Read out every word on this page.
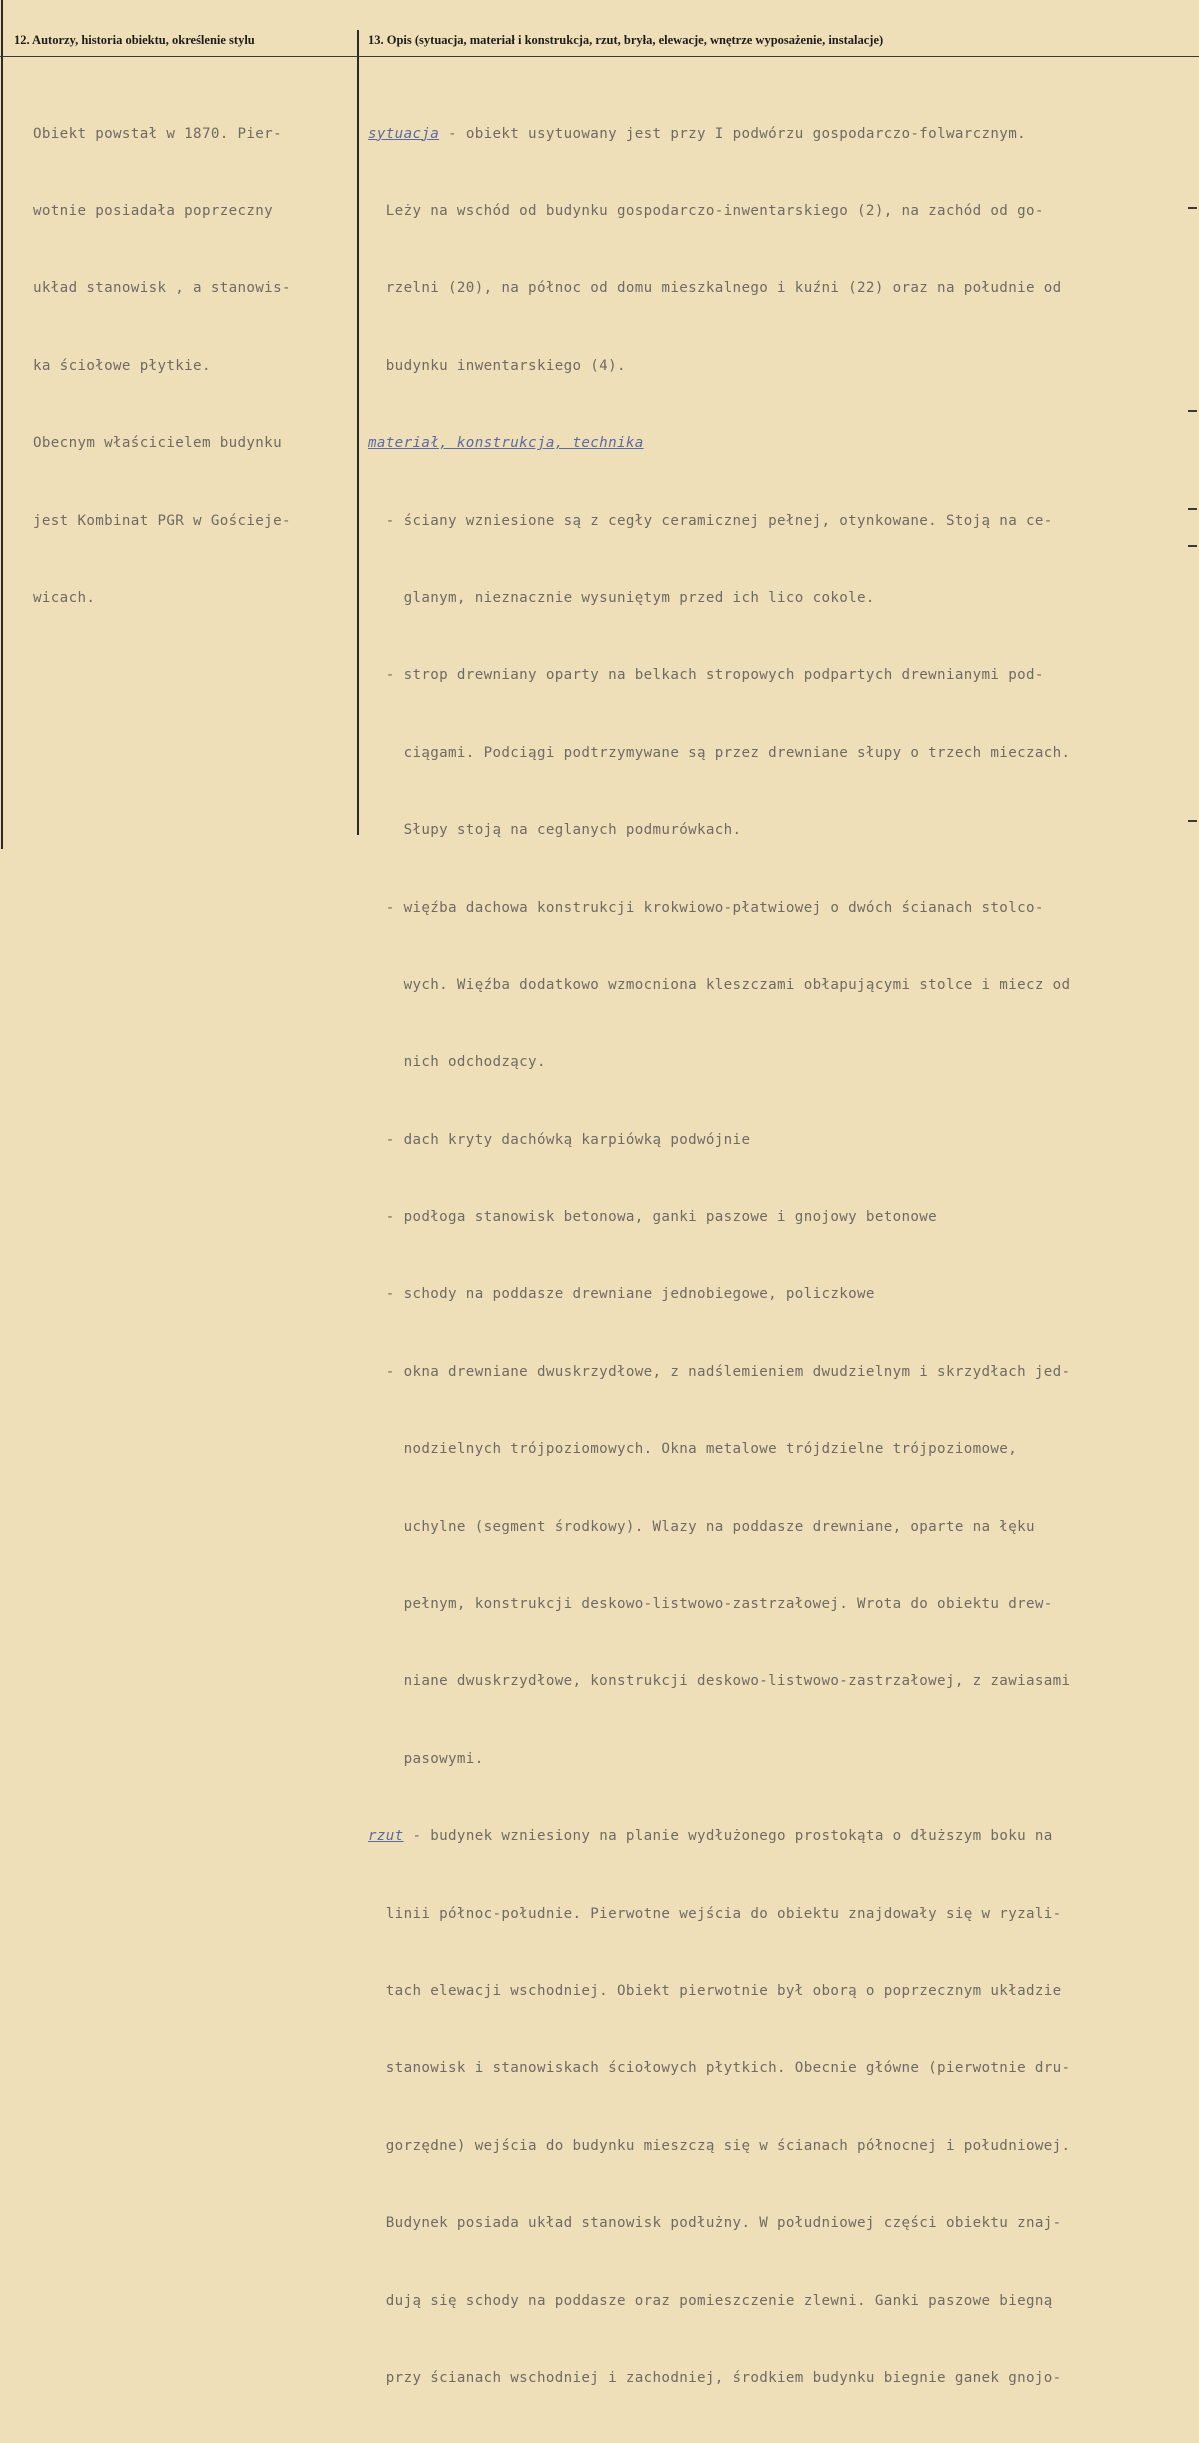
12. Autorzy, historia obiektu, określenie stylu	13. Opis (sytuacja, materiał i konstrukcja, rzut, bryła, elewacje, wnętrze wyposażenie, instalacje)

Obiekt powstał w 1870. Pier-

wotnie posiadała poprzeczny

układ stanowisk , a stanowis-

ka ściołowe płytkie.

Obecnym właścicielem budynku

jest Kombinat PGR w Gościeje-

wicach.

sytuacja - obiekt usytuowany jest przy I podwórzu gospodarczo-folwarcznym.

Leży na wschód od budynku gospodarczo-inwentarskiego (2), na zachód od go-

rzelni (20), na północ od domu mieszkalnego i kuźni (22) oraz na południe od

budynku inwentarskiego (4).

materiał, konstrukcja, technika

- ściany wzniesione są z cegły ceramicznej pełnej, otynkowane. Stoją na ce-

glanym, nieznacznie wysuniętym przed ich lico cokole.

- strop drewniany oparty na belkach stropowych podpartych drewnianymi pod-

ciągami. Podciągi podtrzymywane są przez drewniane słupy o trzech mieczach.

Słupy stoją na ceglanych podmurówkach.

- więźba dachowa konstrukcji krokwiowo-płatwiowej o dwóch ścianach stolco-

wych. Więźba dodatkowo wzmocniona kleszczami obłapującymi stolce i miecz od

nich odchodzący.

- dach kryty dachówką karpiówką podwójnie

- podłoga stanowisk betonowa, ganki paszowe i gnojowy betonowe

- schody na poddasze drewniane jednobiegowe, policzkowe

- okna drewniane dwuskrzydłowe, z nadślemieniem dwudzielnym i skrzydłach jed-

nodzielnych trójpoziomowych. Okna metalowe trójdzielne trójpoziomowe,

uchylne (segment środkowy). Wlazy na poddasze drewniane, oparte na łęku

pełnym, konstrukcji deskowo-listwowo-zastrzałowej. Wrota do obiektu drew-

niane dwuskrzydłowe, konstrukcji deskowo-listwowo-zastrzałowej, z zawiasami

pasowymi.

rzut - budynek wzniesiony na planie wydłużonego prostokąta o dłuższym boku na

linii północ-południe. Pierwotne wejścia do obiektu znajdowały się w ryzali-

tach elewacji wschodniej. Obiekt pierwotnie był oborą o poprzecznym układzie

stanowisk i stanowiskach ściołowych płytkich. Obecnie główne (pierwotnie dru-

gorzędne) wejścia do budynku mieszczą się w ścianach północnej i południowej.

Budynek posiada układ stanowisk podłużny. W południowej części obiektu znaj-

dują się schody na poddasze oraz pomieszczenie zlewni. Ganki paszowe biegną

przy ścianach wschodniej i zachodniej, środkiem budynku biegnie ganek gnojo-
